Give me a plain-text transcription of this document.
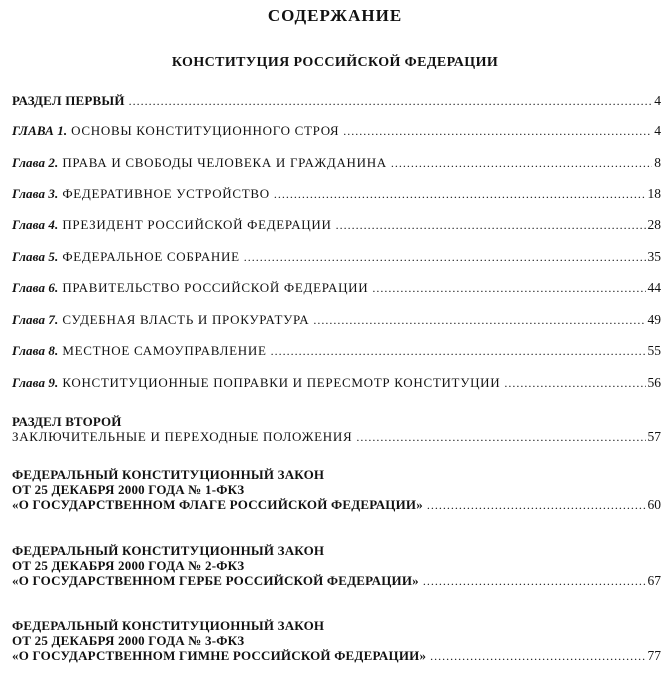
СОДЕРЖАНИЕ
КОНСТИТУЦИЯ РОССИЙСКОЙ ФЕДЕРАЦИИ
РАЗДЕЛ ПЕРВЫЙ .....	4
ГЛАВА 1. ОСНОВЫ КОНСТИТУЦИОННОГО СТРОЯ .....	4
Глава 2. ПРАВА И СВОБОДЫ ЧЕЛОВЕКА И ГРАЖДАНИНА .....	8
Глава 3. ФЕДЕРАТИВНОЕ УСТРОЙСТВО .....	18
Глава 4. ПРЕЗИДЕНТ РОССИЙСКОЙ ФЕДЕРАЦИИ .....	28
Глава 5. ФЕДЕРАЛЬНОЕ СОБРАНИЕ .....	35
Глава 6. ПРАВИТЕЛЬСТВО РОССИЙСКОЙ ФЕДЕРАЦИИ .....	44
Глава 7. СУДЕБНАЯ ВЛАСТЬ И ПРОКУРАТУРА .....	49
Глава 8. МЕСТНОЕ САМОУПРАВЛЕНИЕ .....	55
Глава 9. КОНСТИТУЦИОННЫЕ ПОПРАВКИ И ПЕРЕСМОТР КОНСТИТУЦИИ .....	56
РАЗДЕЛ ВТОРОЙ
ЗАКЛЮЧИТЕЛЬНЫЕ И ПЕРЕХОДНЫЕ ПОЛОЖЕНИЯ .....	57
ФЕДЕРАЛЬНЫЙ КОНСТИТУЦИОННЫЙ ЗАКОН
ОТ 25 ДЕКАБРЯ 2000 ГОДА № 1-ФКЗ
«О ГОСУДАРСТВЕННОМ ФЛАГЕ РОССИЙСКОЙ ФЕДЕРАЦИИ» .....	60
ФЕДЕРАЛЬНЫЙ КОНСТИТУЦИОННЫЙ ЗАКОН
ОТ 25 ДЕКАБРЯ 2000 ГОДА № 2-ФКЗ
«О ГОСУДАРСТВЕННОМ ГЕРБЕ РОССИЙСКОЙ ФЕДЕРАЦИИ» .....	67
ФЕДЕРАЛЬНЫЙ КОНСТИТУЦИОННЫЙ ЗАКОН
ОТ 25 ДЕКАБРЯ 2000 ГОДА № 3-ФКЗ
«О ГОСУДАРСТВЕННОМ ГИМНЕ РОССИЙСКОЙ ФЕДЕРАЦИИ» .....	77
